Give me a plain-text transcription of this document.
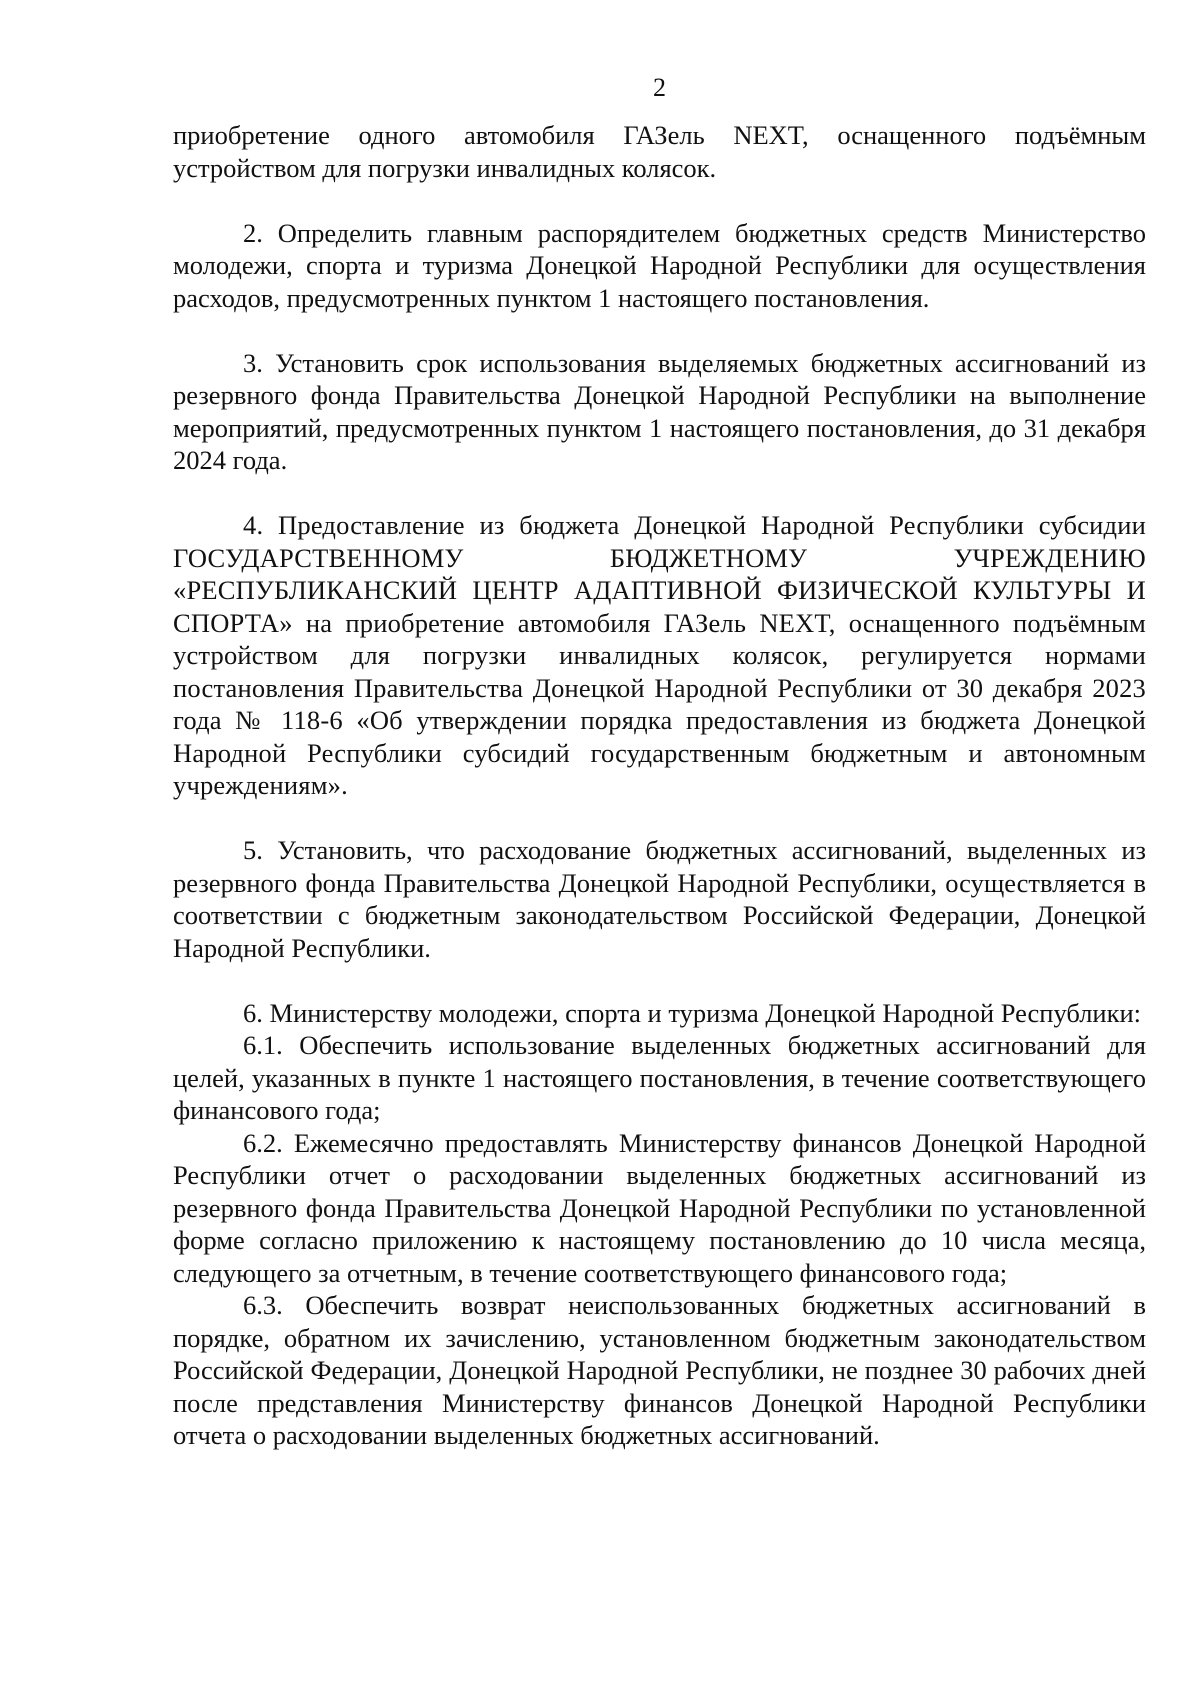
2

приобретение одного автомобиля ГАЗель NEXT, оснащенного подъёмным устройством для погрузки инвалидных колясок.

2. Определить главным распорядителем бюджетных средств Министерство молодежи, спорта и туризма Донецкой Народной Республики для осуществления расходов, предусмотренных пунктом 1 настоящего постановления.

3. Установить срок использования выделяемых бюджетных ассигнований из резервного фонда Правительства Донецкой Народной Республики на выполнение мероприятий, предусмотренных пунктом 1 настоящего постановления, до 31 декабря 2024 года.

4. Предоставление из бюджета Донецкой Народной Республики субсидии ГОСУДАРСТВЕННОМУ БЮДЖЕТНОМУ УЧРЕЖДЕНИЮ «РЕСПУБЛИКАНСКИЙ ЦЕНТР АДАПТИВНОЙ ФИЗИЧЕСКОЙ КУЛЬТУРЫ И СПОРТА» на приобретение автомобиля ГАЗель NEXT, оснащенного подъёмным устройством для погрузки инвалидных колясок, регулируется нормами постановления Правительства Донецкой Народной Республики от 30 декабря 2023 года № 118-6 «Об утверждении порядка предоставления из бюджета Донецкой Народной Республики субсидий государственным бюджетным и автономным учреждениям».

5. Установить, что расходование бюджетных ассигнований, выделенных из резервного фонда Правительства Донецкой Народной Республики, осуществляется в соответствии с бюджетным законодательством Российской Федерации, Донецкой Народной Республики.

6. Министерству молодежи, спорта и туризма Донецкой Народной Республики:

6.1. Обеспечить использование выделенных бюджетных ассигнований для целей, указанных в пункте 1 настоящего постановления, в течение соответствующего финансового года;

6.2. Ежемесячно предоставлять Министерству финансов Донецкой Народной Республики отчет о расходовании выделенных бюджетных ассигнований из резервного фонда Правительства Донецкой Народной Республики по установленной форме согласно приложению к настоящему постановлению до 10 числа месяца, следующего за отчетным, в течение соответствующего финансового года;

6.3. Обеспечить возврат неиспользованных бюджетных ассигнований в порядке, обратном их зачислению, установленном бюджетным законодательством Российской Федерации, Донецкой Народной Республики, не позднее 30 рабочих дней после представления Министерству финансов Донецкой Народной Республики отчета о расходовании выделенных бюджетных ассигнований.
